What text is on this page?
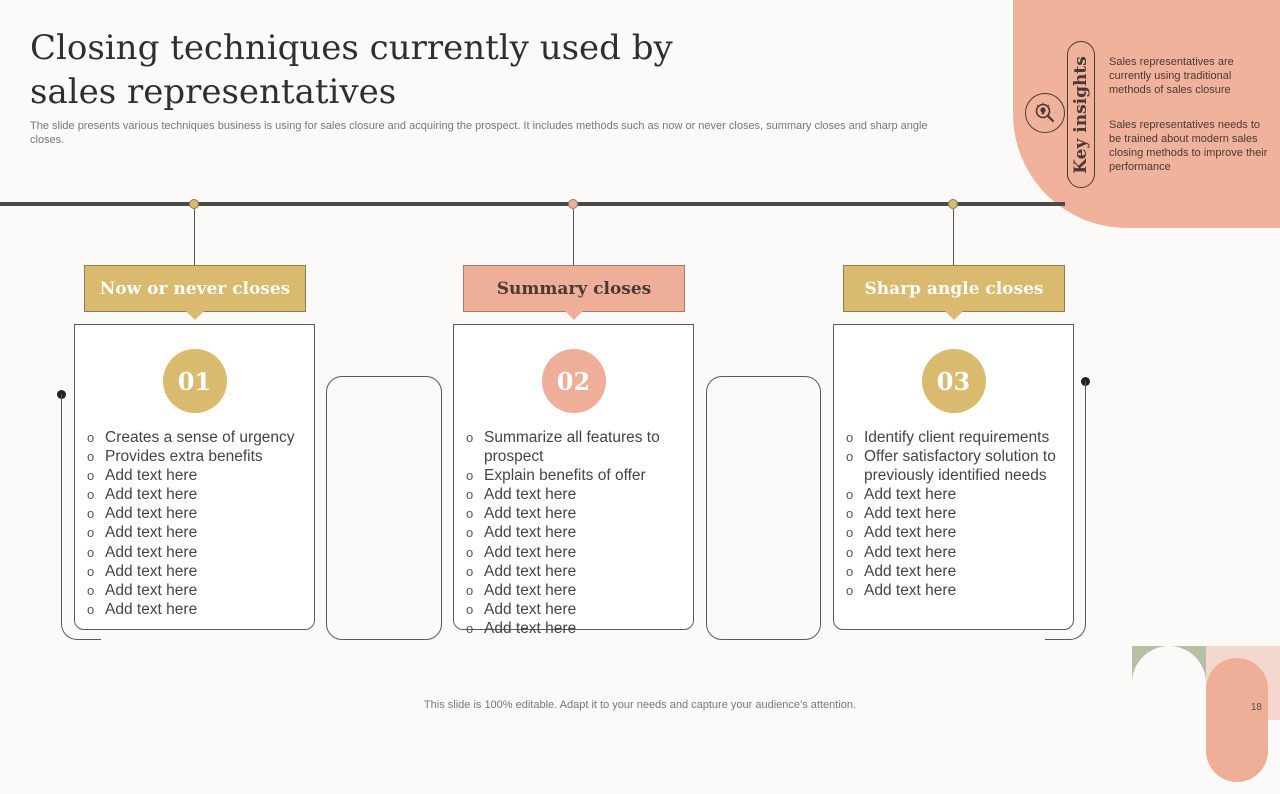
Closing techniques currently used by sales representatives

The slide presents various techniques business is using for sales closure and acquiring the prospect. It includes methods such as now or never closes, summary closes and sharp angle closes.	Key insights Sales representatives are currently using traditional methods of sales closure

Sales representatives needs to be trained about modern sales closing methods to improve their performance

Now or never closes
01
o Creates a sense of urgency
o Provides extra benefits
o Add text here
o Add text here
o Add text here
o Add text here
o Add text here
o Add text here
o Add text here
o Add text here
Summary closes
02
o Summarize all features to prospect
o Explain benefits of offer
o Add text here
o Add text here
o Add text here
o Add text here
o Add text here
o Add text here
o Add text here
o Add text here
Sharp angle closes
03
o Identify client requirements
o Offer satisfactory solution to previously identified needs
o Add text here
o Add text here
o Add text here
o Add text here
o Add text here
o Add text here
This slide is 100% editable. Adapt it to your needs and capture your audience’s attention.	18
